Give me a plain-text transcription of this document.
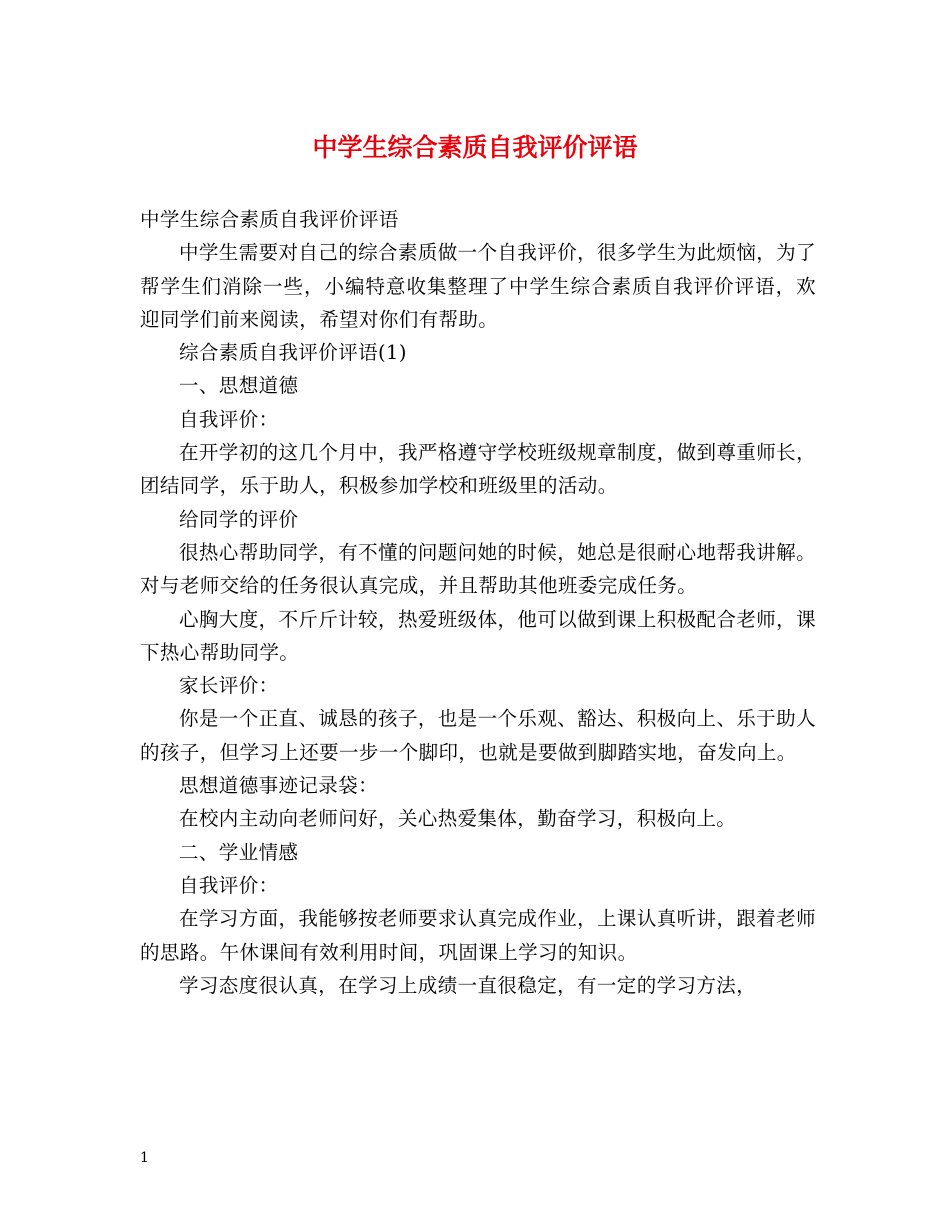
中学生综合素质自我评价评语

中学生综合素质自我评价评语

中学生需要对自己的综合素质做一个自我评价，很多学生为此烦恼，为了帮学生们消除一些，小编特意收集整理了中学生综合素质自我评价评语，欢迎同学们前来阅读，希望对你们有帮助。

综合素质自我评价评语(1)

一、思想道德

自我评价：

在开学初的这几个月中，我严格遵守学校班级规章制度，做到尊重师长，团结同学，乐于助人，积极参加学校和班级里的活动。

给同学的评价

很热心帮助同学，有不懂的问题问她的时候，她总是很耐心地帮我讲解。对与老师交给的任务很认真完成，并且帮助其他班委完成任务。

心胸大度，不斤斤计较，热爱班级体，他可以做到课上积极配合老师，课下热心帮助同学。

家长评价：

你是一个正直、诚恳的孩子，也是一个乐观、豁达、积极向上、乐于助人的孩子，但学习上还要一步一个脚印，也就是要做到脚踏实地，奋发向上。

思想道德事迹记录袋：

在校内主动向老师问好，关心热爱集体，勤奋学习，积极向上。

二、学业情感

自我评价：

在学习方面，我能够按老师要求认真完成作业，上课认真听讲，跟着老师的思路。午休课间有效利用时间，巩固课上学习的知识。

学习态度很认真，在学习上成绩一直很稳定，有一定的学习方法，

1
